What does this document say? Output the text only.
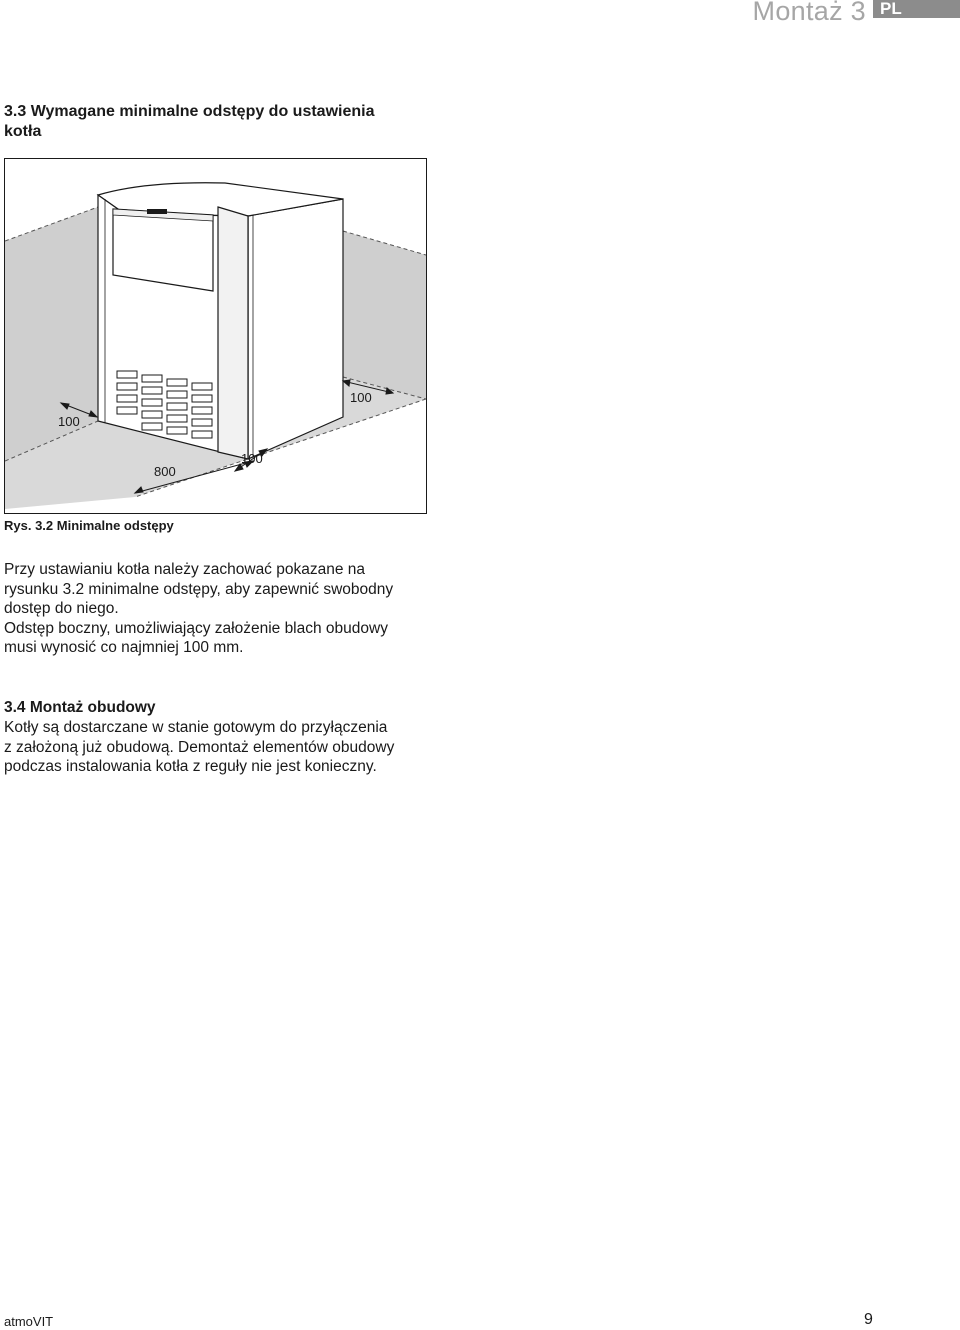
Montaż 3 PL
3.3 Wymagane minimalne odstępy do ustawienia
kotła
100
100
800
100

Rys. 3.2 Minimalne odstępy

Przy ustawianiu kotła należy zachować pokazane na
rysunku 3.2 minimalne odstępy, aby zapewnić swobodny
dostęp do niego.
Odstęp boczny, umożliwiający założenie blach obudowy
musi wynosić co najmniej 100 mm.

3.4 Montaż obudowy

Kotły są dostarczane w stanie gotowym do przyłączenia
z założoną już obudową. Demontaż elementów obudowy
podczas instalowania kotła z reguły nie jest konieczny.

atmoVIT	9
